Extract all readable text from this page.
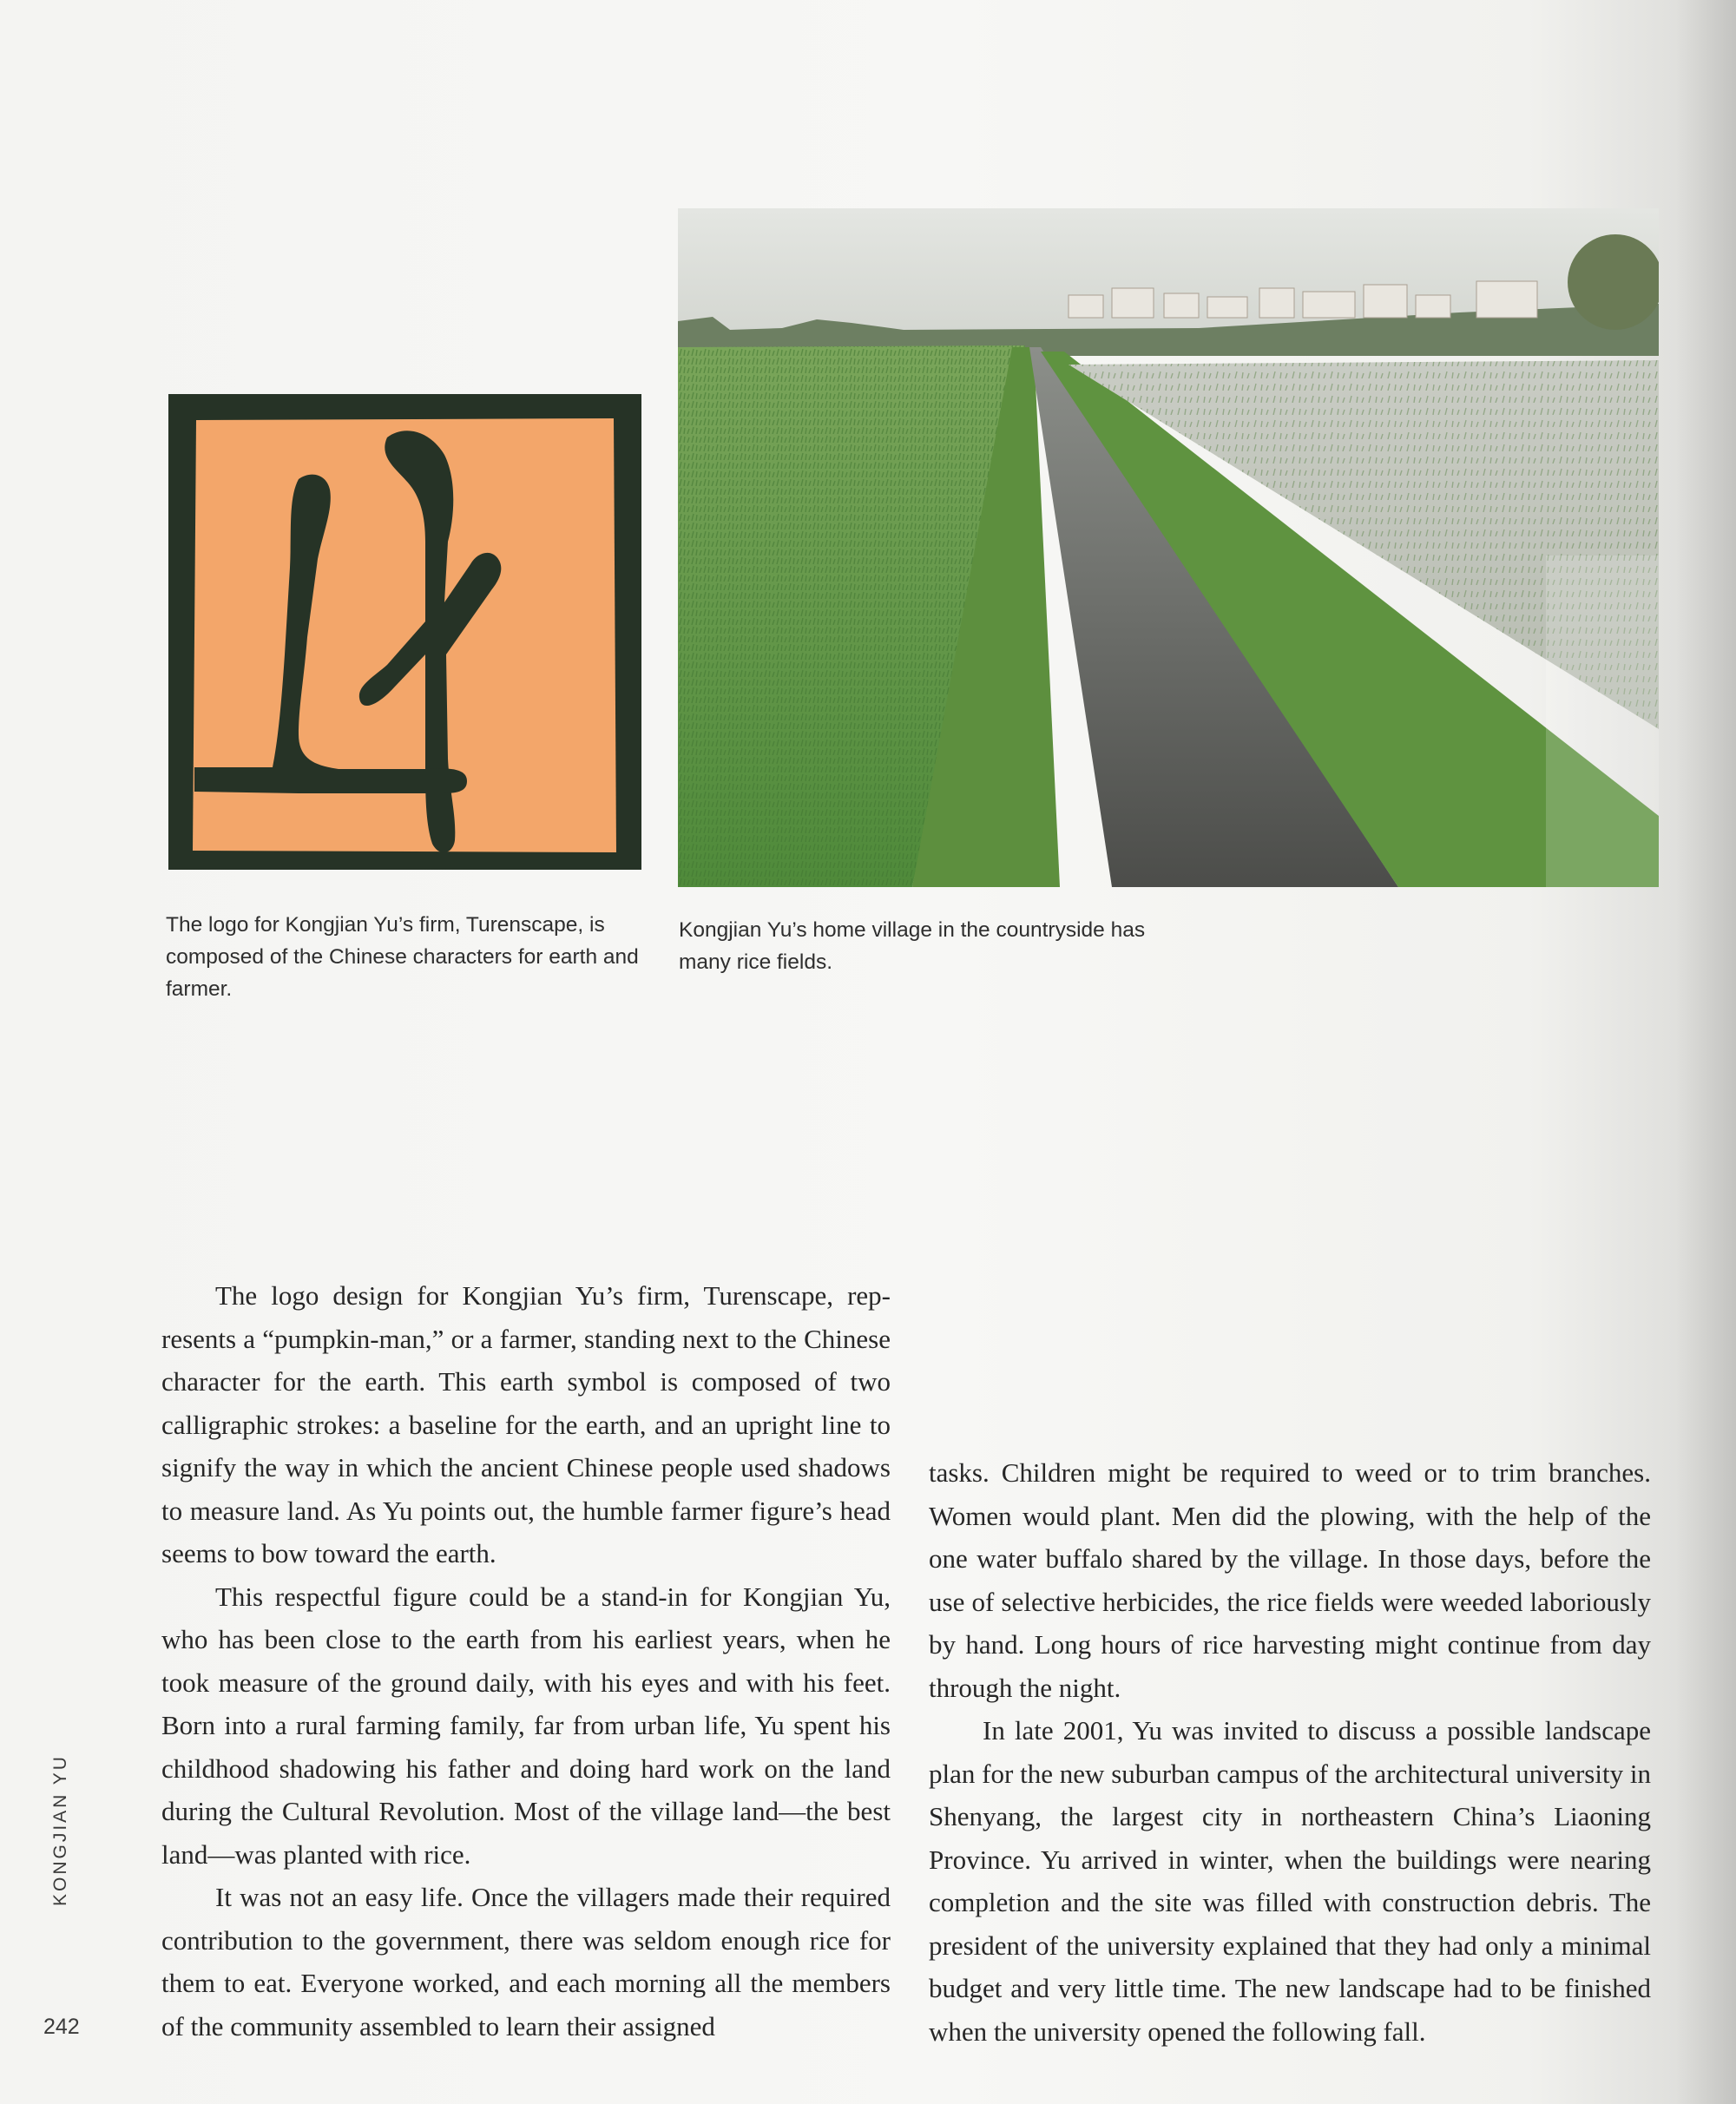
The logo for Kongjian Yu’s firm, Turenscape, is composed of the Chinese characters for earth and farmer.
Kongjian Yu’s home village in the countryside has many rice fields.

The logo design for Kongjian Yu’s firm, Turenscape, represents a “pumpkin-man,” or a farmer, standing next to the Chinese character for the earth. This earth symbol is composed of two calligraphic strokes: a baseline for the earth, and an upright line to signify the way in which the ancient Chinese people used shadows to measure land. As Yu points out, the humble farmer figure’s head seems to bow toward the earth.

This respectful figure could be a stand-in for Kongjian Yu, who has been close to the earth from his earliest years, when he took measure of the ground daily, with his eyes and with his feet. Born into a rural farming family, far from urban life, Yu spent his childhood shadowing his father and doing hard work on the land during the Cultural Revolution. Most of the village land—the best land—was planted with rice.

It was not an easy life. Once the villagers made their required contribution to the government, there was seldom enough rice for them to eat. Everyone worked, and each morning all the members of the community assembled to learn their assigned

tasks. Children might be required to weed or to trim branches. Women would plant. Men did the plowing, with the help of the one water buffalo shared by the village. In those days, before the use of selective herbicides, the rice fields were weeded laboriously by hand. Long hours of rice harvesting might continue from day through the night.

In late 2001, Yu was invited to discuss a possible landscape plan for the new suburban campus of the architectural university in Shenyang, the largest city in northeastern China’s Liaoning Province. Yu arrived in winter, when the buildings were nearing completion and the site was filled with construction debris. The president of the university explained that they had only a minimal budget and very little time. The new landscape had to be finished when the university opened the following fall.

KONGJIAN YU
242
